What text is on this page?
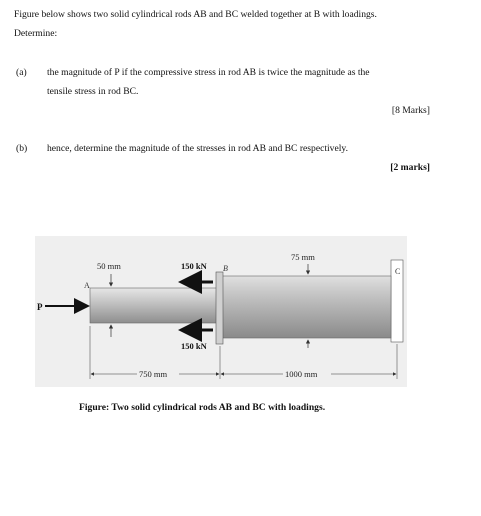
Figure below shows two solid cylindrical rods AB and BC welded together at B with loadings.
Determine:
(a) the magnitude of P if the compressive stress in rod AB is twice the magnitude as the
tensile stress in rod BC.
[8 Marks]
(b) hence, determine the magnitude of the stresses in rod AB and BC respectively.
[2 marks]
P
A
B	C
50 mm
75 mm
150 kN
150 kN
750 mm	1000 mm
Figure: Two solid cylindrical rods AB and BC with loadings.
